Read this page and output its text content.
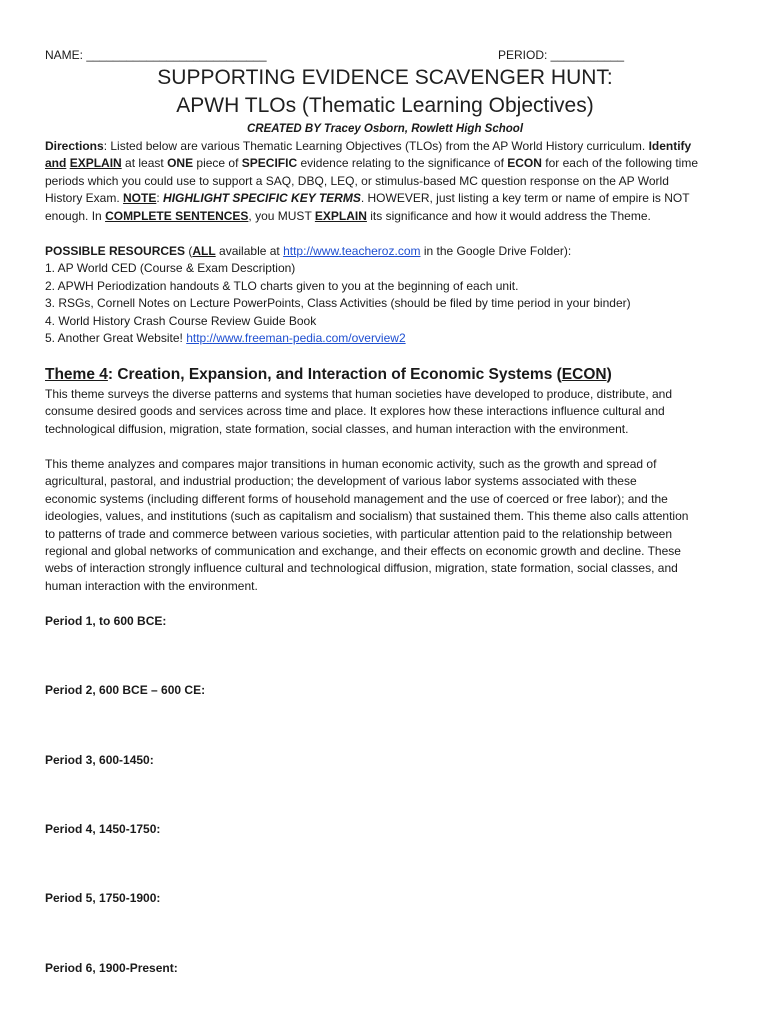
NAME: ___________________________	PERIOD: ___________
SUPPORTING EVIDENCE SCAVENGER HUNT:
APWH TLOs (Thematic Learning Objectives)
CREATED BY Tracey Osborn, Rowlett High School
Directions: Listed below are various Thematic Learning Objectives (TLOs) from the AP World History curriculum. Identify
and EXPLAIN at least ONE piece of SPECIFIC evidence relating to the significance of ECON for each of the following time
periods which you could use to support a SAQ, DBQ, LEQ, or stimulus-based MC question response on the AP World
History Exam. NOTE: HIGHLIGHT SPECIFIC KEY TERMS. HOWEVER, just listing a key term or name of empire is NOT
enough. In COMPLETE SENTENCES, you MUST EXPLAIN its significance and how it would address the Theme.
POSSIBLE RESOURCES (ALL available at http://www.teacheroz.com in the Google Drive Folder):
1. AP World CED (Course & Exam Description)
2. APWH Periodization handouts & TLO charts given to you at the beginning of each unit.
3. RSGs, Cornell Notes on Lecture PowerPoints, Class Activities (should be filed by time period in your binder)
4. World History Crash Course Review Guide Book
5. Another Great Website! http://www.freeman-pedia.com/overview2
Theme 4: Creation, Expansion, and Interaction of Economic Systems (ECON)
This theme surveys the diverse patterns and systems that human societies have developed to produce, distribute, and
consume desired goods and services across time and place. It explores how these interactions influence cultural and
technological diffusion, migration, state formation, social classes, and human interaction with the environment.
This theme analyzes and compares major transitions in human economic activity, such as the growth and spread of
agricultural, pastoral, and industrial production; the development of various labor systems associated with these
economic systems (including different forms of household management and the use of coerced or free labor); and the
ideologies, values, and institutions (such as capitalism and socialism) that sustained them. This theme also calls attention
to patterns of trade and commerce between various societies, with particular attention paid to the relationship between
regional and global networks of communication and exchange, and their effects on economic growth and decline. These
webs of interaction strongly influence cultural and technological diffusion, migration, state formation, social classes, and
human interaction with the environment.
Period 1, to 600 BCE:
Period 2, 600 BCE – 600 CE:
Period 3, 600-1450:
Period 4, 1450-1750:
Period 5, 1750-1900:
Period 6, 1900-Present:
